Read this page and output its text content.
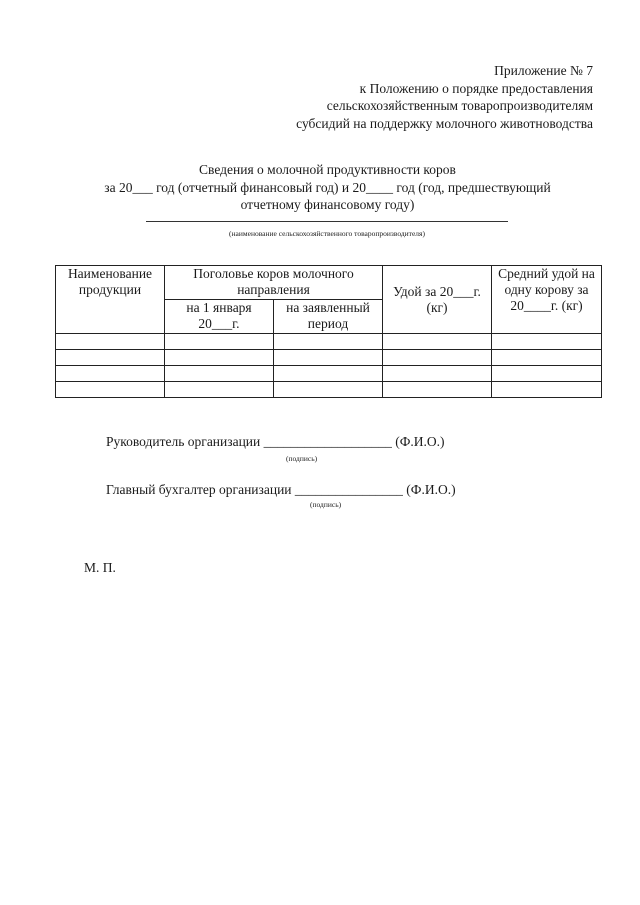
Приложение № 7
к Положению о порядке предоставления
сельскохозяйственным товаропроизводителям
субсидий на поддержку молочного животноводства
Сведения о молочной продуктивности коров
за 20___ год (отчетный финансовый год) и 20____ год (год, предшествующий
отчетному финансовому году)
(наименование сельскохозяйственного товаропроизводителя)
Наименование продукции	Поголовье коров молочного направления		Удой за 20___г. (кг)	Средний удой на одну корову за 20____г. (кг)
	на 1 января 20___г.	на заявленный период		

Руководитель организации ___________________ (Ф.И.О.)
(подпись)
Главный бухгалтер организации ________________ (Ф.И.О.)
(подпись)
М. П.
